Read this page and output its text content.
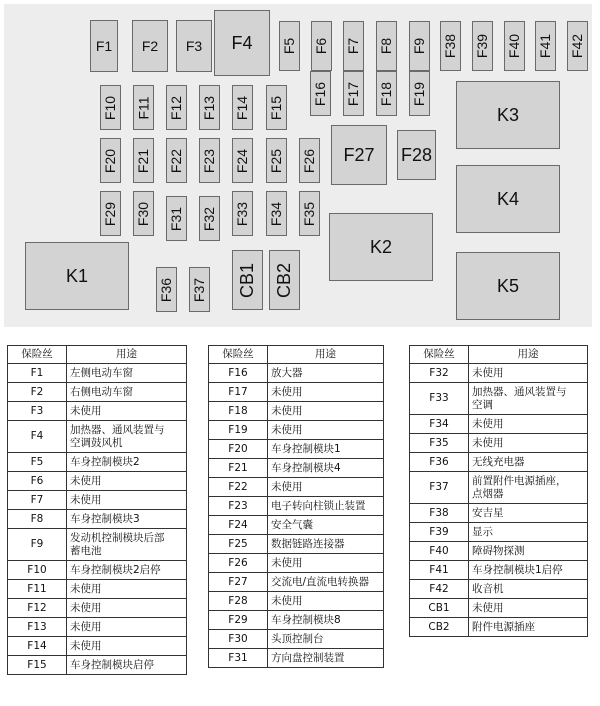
F1 F2 F3 F4 F5 F6 F7 F8 F9 F38 F39 F40 F41 F42
F16 F17 F18 F19
F10 F11 F12 F13 F14 F15
F27 F28
F20 F21 F22 F23 F24 F25 F26
F29 F30 F31 F32 F33 F34 F35
F36 F37 CB1 CB2
K1
K2
K3
K4
K5
保险丝	用途
F1	左侧电动车窗
F2	右侧电动车窗
F3	未使用
F4	加热器、通风装置与
空调鼓风机
F5	车身控制模块2
F6	未使用
F7	未使用
F8	车身控制模块3
F9	发动机控制模块后部
蓄电池
F10	车身控制模块2启停
F11	未使用
F12	未使用
F13	未使用
F14	未使用
F15	车身控制模块启停
保险丝	用途
F16	放大器
F17	未使用
F18	未使用
F19	未使用
F20	车身控制模块1
F21	车身控制模块4
F22	未使用
F23	电子转向柱锁止装置
F24	安全气囊
F25	数据链路连接器
F26	未使用
F27	交流电/直流电转换器
F28	未使用
F29	车身控制模块8
F30	头顶控制台
F31	方向盘控制装置
保险丝	用途
F32	未使用
F33	加热器、通风装置与
空调
F34	未使用
F35	未使用
F36	无线充电器
F37	前置附件电源插座，
点烟器
F38	安吉星
F39	显示
F40	障碍物探测
F41	车身控制模块1启停
F42	收音机
CB1	未使用
CB2	附件电源插座
